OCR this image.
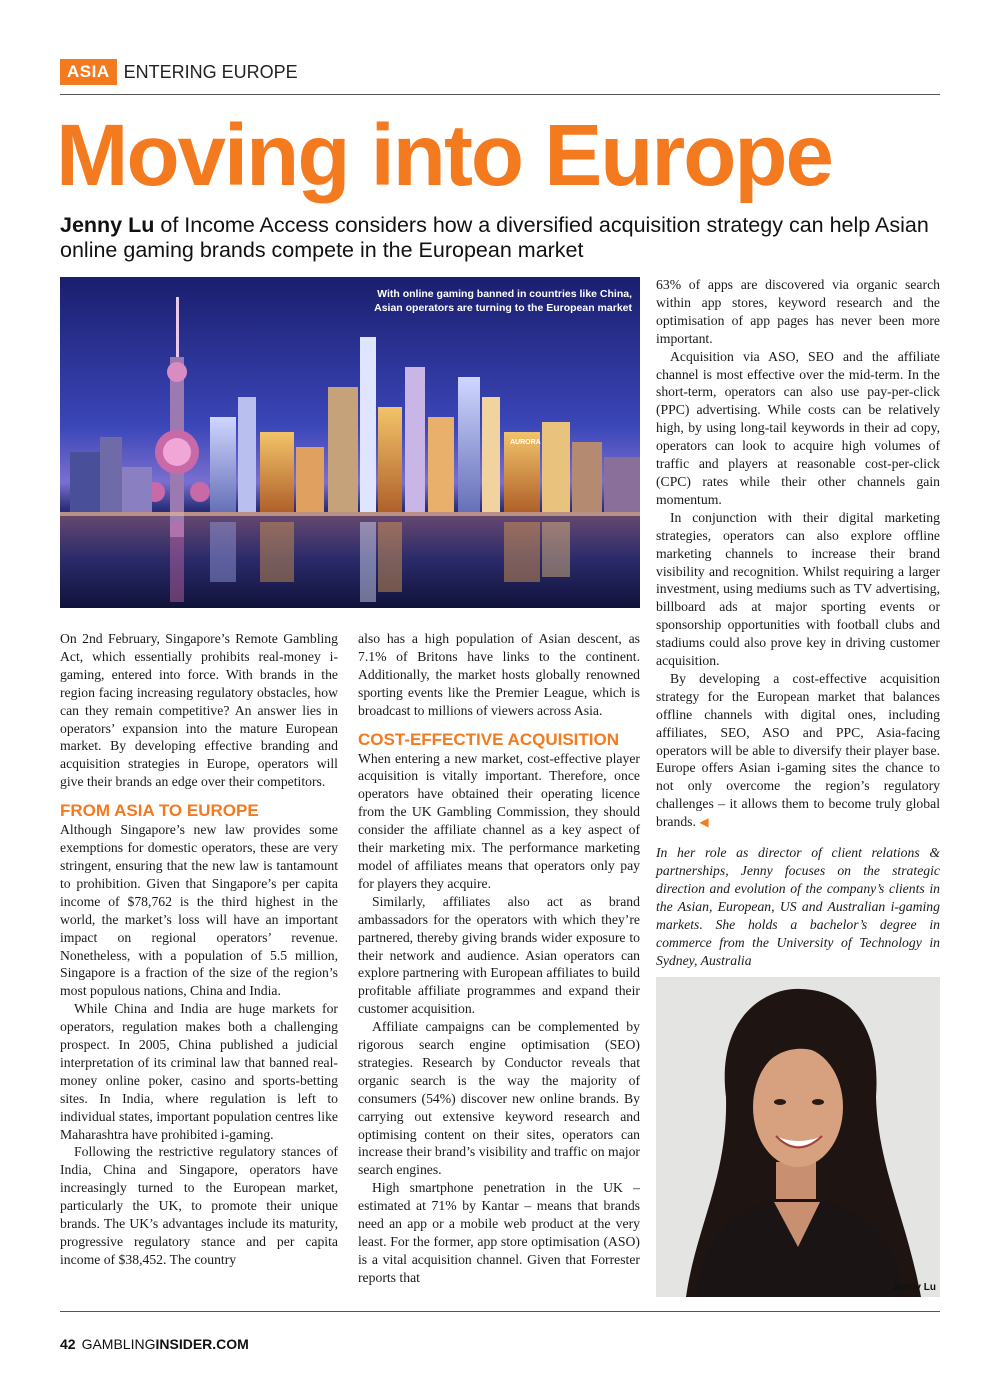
ASIA ENTERING EUROPE
Moving into Europe
Jenny Lu of Income Access considers how a diversified acquisition strategy can help Asian online gaming brands compete in the European market
AURORA
With online gaming banned in countries like China, Asian operators are turning to the European market

On 2nd February, Singapore’s Remote Gambling Act, which essentially prohibits real-money i-gaming, entered into force. With brands in the region facing increasing regulatory obstacles, how can they remain competitive? An answer lies in operators’ expansion into the mature European market. By developing effective branding and acquisition strategies in Europe, operators will give their brands an edge over their competitors.

FROM ASIA TO EUROPE

Although Singapore’s new law provides some exemptions for domestic operators, these are very stringent, ensuring that the new law is tantamount to prohibition. Given that Singapore’s per capita income of $78,762 is the third highest in the world, the market’s loss will have an important impact on regional operators’ revenue. Nonetheless, with a population of 5.5 million, Singapore is a fraction of the size of the region’s most populous nations, China and India.

While China and India are huge markets for operators, regulation makes both a challenging prospect. In 2005, China published a judicial interpretation of its criminal law that banned real-money online poker, casino and sports-betting sites. In India, where regulation is left to individual states, important population centres like Maharashtra have prohibited i-gaming.

Following the restrictive regulatory stances of India, China and Singapore, operators have increasingly turned to the European market, particularly the UK, to promote their unique brands. The UK’s advantages include its maturity, progressive regulatory stance and per capita income of $38,452. The country

also has a high population of Asian descent, as 7.1% of Britons have links to the continent. Additionally, the market hosts globally renowned sporting events like the Premier League, which is broadcast to millions of viewers across Asia.

COST-EFFECTIVE ACQUISITION

When entering a new market, cost-effective player acquisition is vitally important. Therefore, once operators have obtained their operating licence from the UK Gambling Commission, they should consider the affiliate channel as a key aspect of their marketing mix. The performance marketing model of affiliates means that operators only pay for players they acquire.

Similarly, affiliates also act as brand ambassadors for the operators with which they’re partnered, thereby giving brands wider exposure to their network and audience. Asian operators can explore partnering with European affiliates to build profitable affiliate programmes and expand their customer acquisition.

Affiliate campaigns can be complemented by rigorous search engine optimisation (SEO) strategies. Research by Conductor reveals that organic search is the way the majority of consumers (54%) discover new online brands. By carrying out extensive keyword research and optimising content on their sites, operators can increase their brand’s visibility and traffic on major search engines.

High smartphone penetration in the UK – estimated at 71% by Kantar – means that brands need an app or a mobile web product at the very least. For the former, app store optimisation (ASO) is a vital acquisition channel. Given that Forrester reports that

63% of apps are discovered via organic search within app stores, keyword research and the optimisation of app pages has never been more important.

Acquisition via ASO, SEO and the affiliate channel is most effective over the mid-term. In the short-term, operators can also use pay-per-click (PPC) advertising. While costs can be relatively high, by using long-tail keywords in their ad copy, operators can look to acquire high volumes of traffic and players at reasonable cost-per-click (CPC) rates while their other channels gain momentum.

In conjunction with their digital marketing strategies, operators can also explore offline marketing channels to increase their brand visibility and recognition. Whilst requiring a larger investment, using mediums such as TV advertising, billboard ads at major sporting events or sponsorship opportunities with football clubs and stadiums could also prove key in driving customer acquisition.

By developing a cost-effective acquisition strategy for the European market that balances offline channels with digital ones, including affiliates, SEO, ASO and PPC, Asia-facing operators will be able to diversify their player base. Europe offers Asian i-gaming sites the chance to not only overcome the region’s regulatory challenges – it allows them to become truly global brands. ◀

In her role as director of client relations & partnerships, Jenny focuses on the strategic direction and evolution of the company’s clients in the Asian, European, US and Australian i-gaming markets. She holds a bachelor’s degree in commerce from the University of Technology in Sydney, Australia

Jenny Lu
42 GAMBLINGINSIDER.COM
